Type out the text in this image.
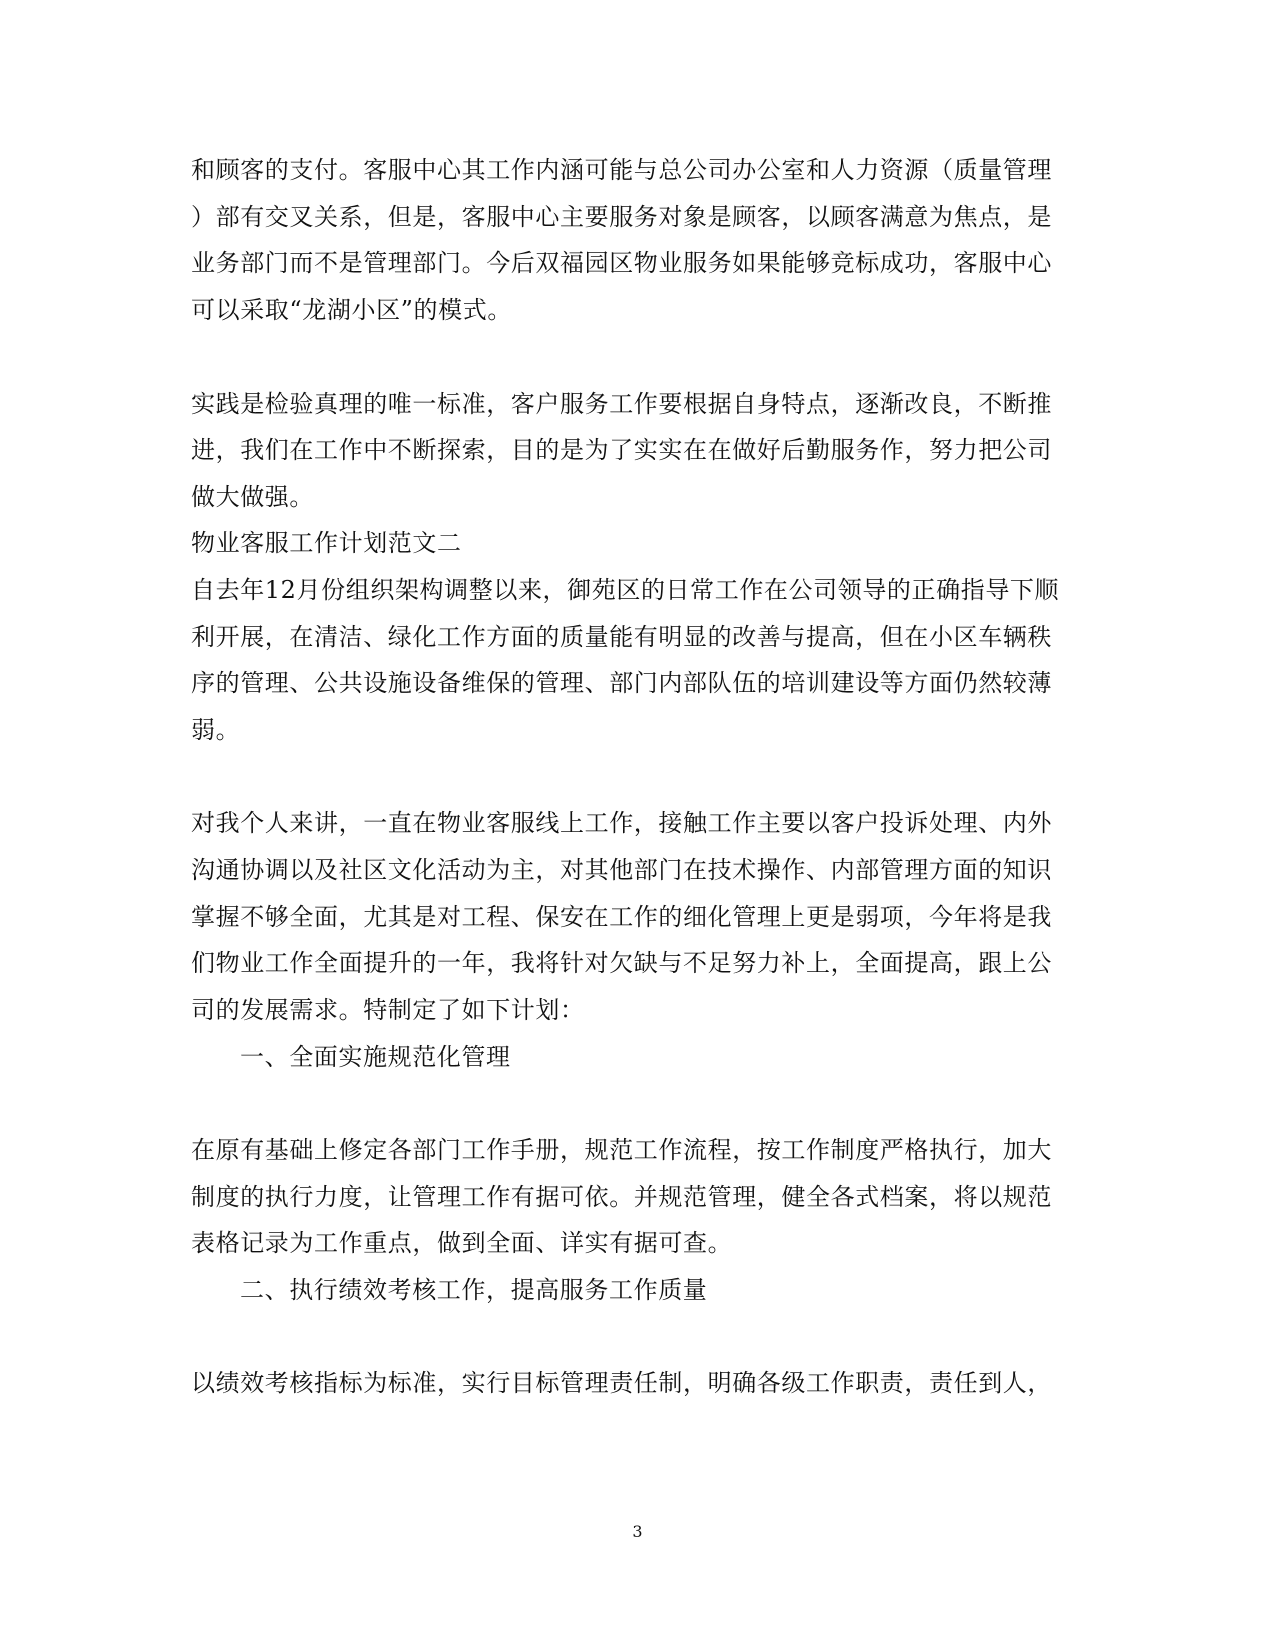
和顾客的支付。客服中心其工作内涵可能与总公司办公室和人力资源（质量管理
）部有交叉关系，但是，客服中心主要服务对象是顾客，以顾客满意为焦点，是
业务部门而不是管理部门。今后双福园区物业服务如果能够竞标成功，客服中心
可以采取“龙湖小区”的模式。
实践是检验真理的唯一标准，客户服务工作要根据自身特点，逐渐改良，不断推
进，我们在工作中不断探索，目的是为了实实在在做好后勤服务作，努力把公司
做大做强。
物业客服工作计划范文二
自去年12月份组织架构调整以来，御苑区的日常工作在公司领导的正确指导下顺
利开展，在清洁、绿化工作方面的质量能有明显的改善与提高，但在小区车辆秩
序的管理、公共设施设备维保的管理、部门内部队伍的培训建设等方面仍然较薄
弱。
对我个人来讲，一直在物业客服线上工作，接触工作主要以客户投诉处理、内外
沟通协调以及社区文化活动为主，对其他部门在技术操作、内部管理方面的知识
掌握不够全面，尤其是对工程、保安在工作的细化管理上更是弱项，今年将是我
们物业工作全面提升的一年，我将针对欠缺与不足努力补上，全面提高，跟上公
司的发展需求。特制定了如下计划：
一、全面实施规范化管理
在原有基础上修定各部门工作手册，规范工作流程，按工作制度严格执行，加大
制度的执行力度，让管理工作有据可依。并规范管理，健全各式档案，将以规范
表格记录为工作重点，做到全面、详实有据可查。
二、执行绩效考核工作，提高服务工作质量
以绩效考核指标为标准，实行目标管理责任制，明确各级工作职责，责任到人，
3
